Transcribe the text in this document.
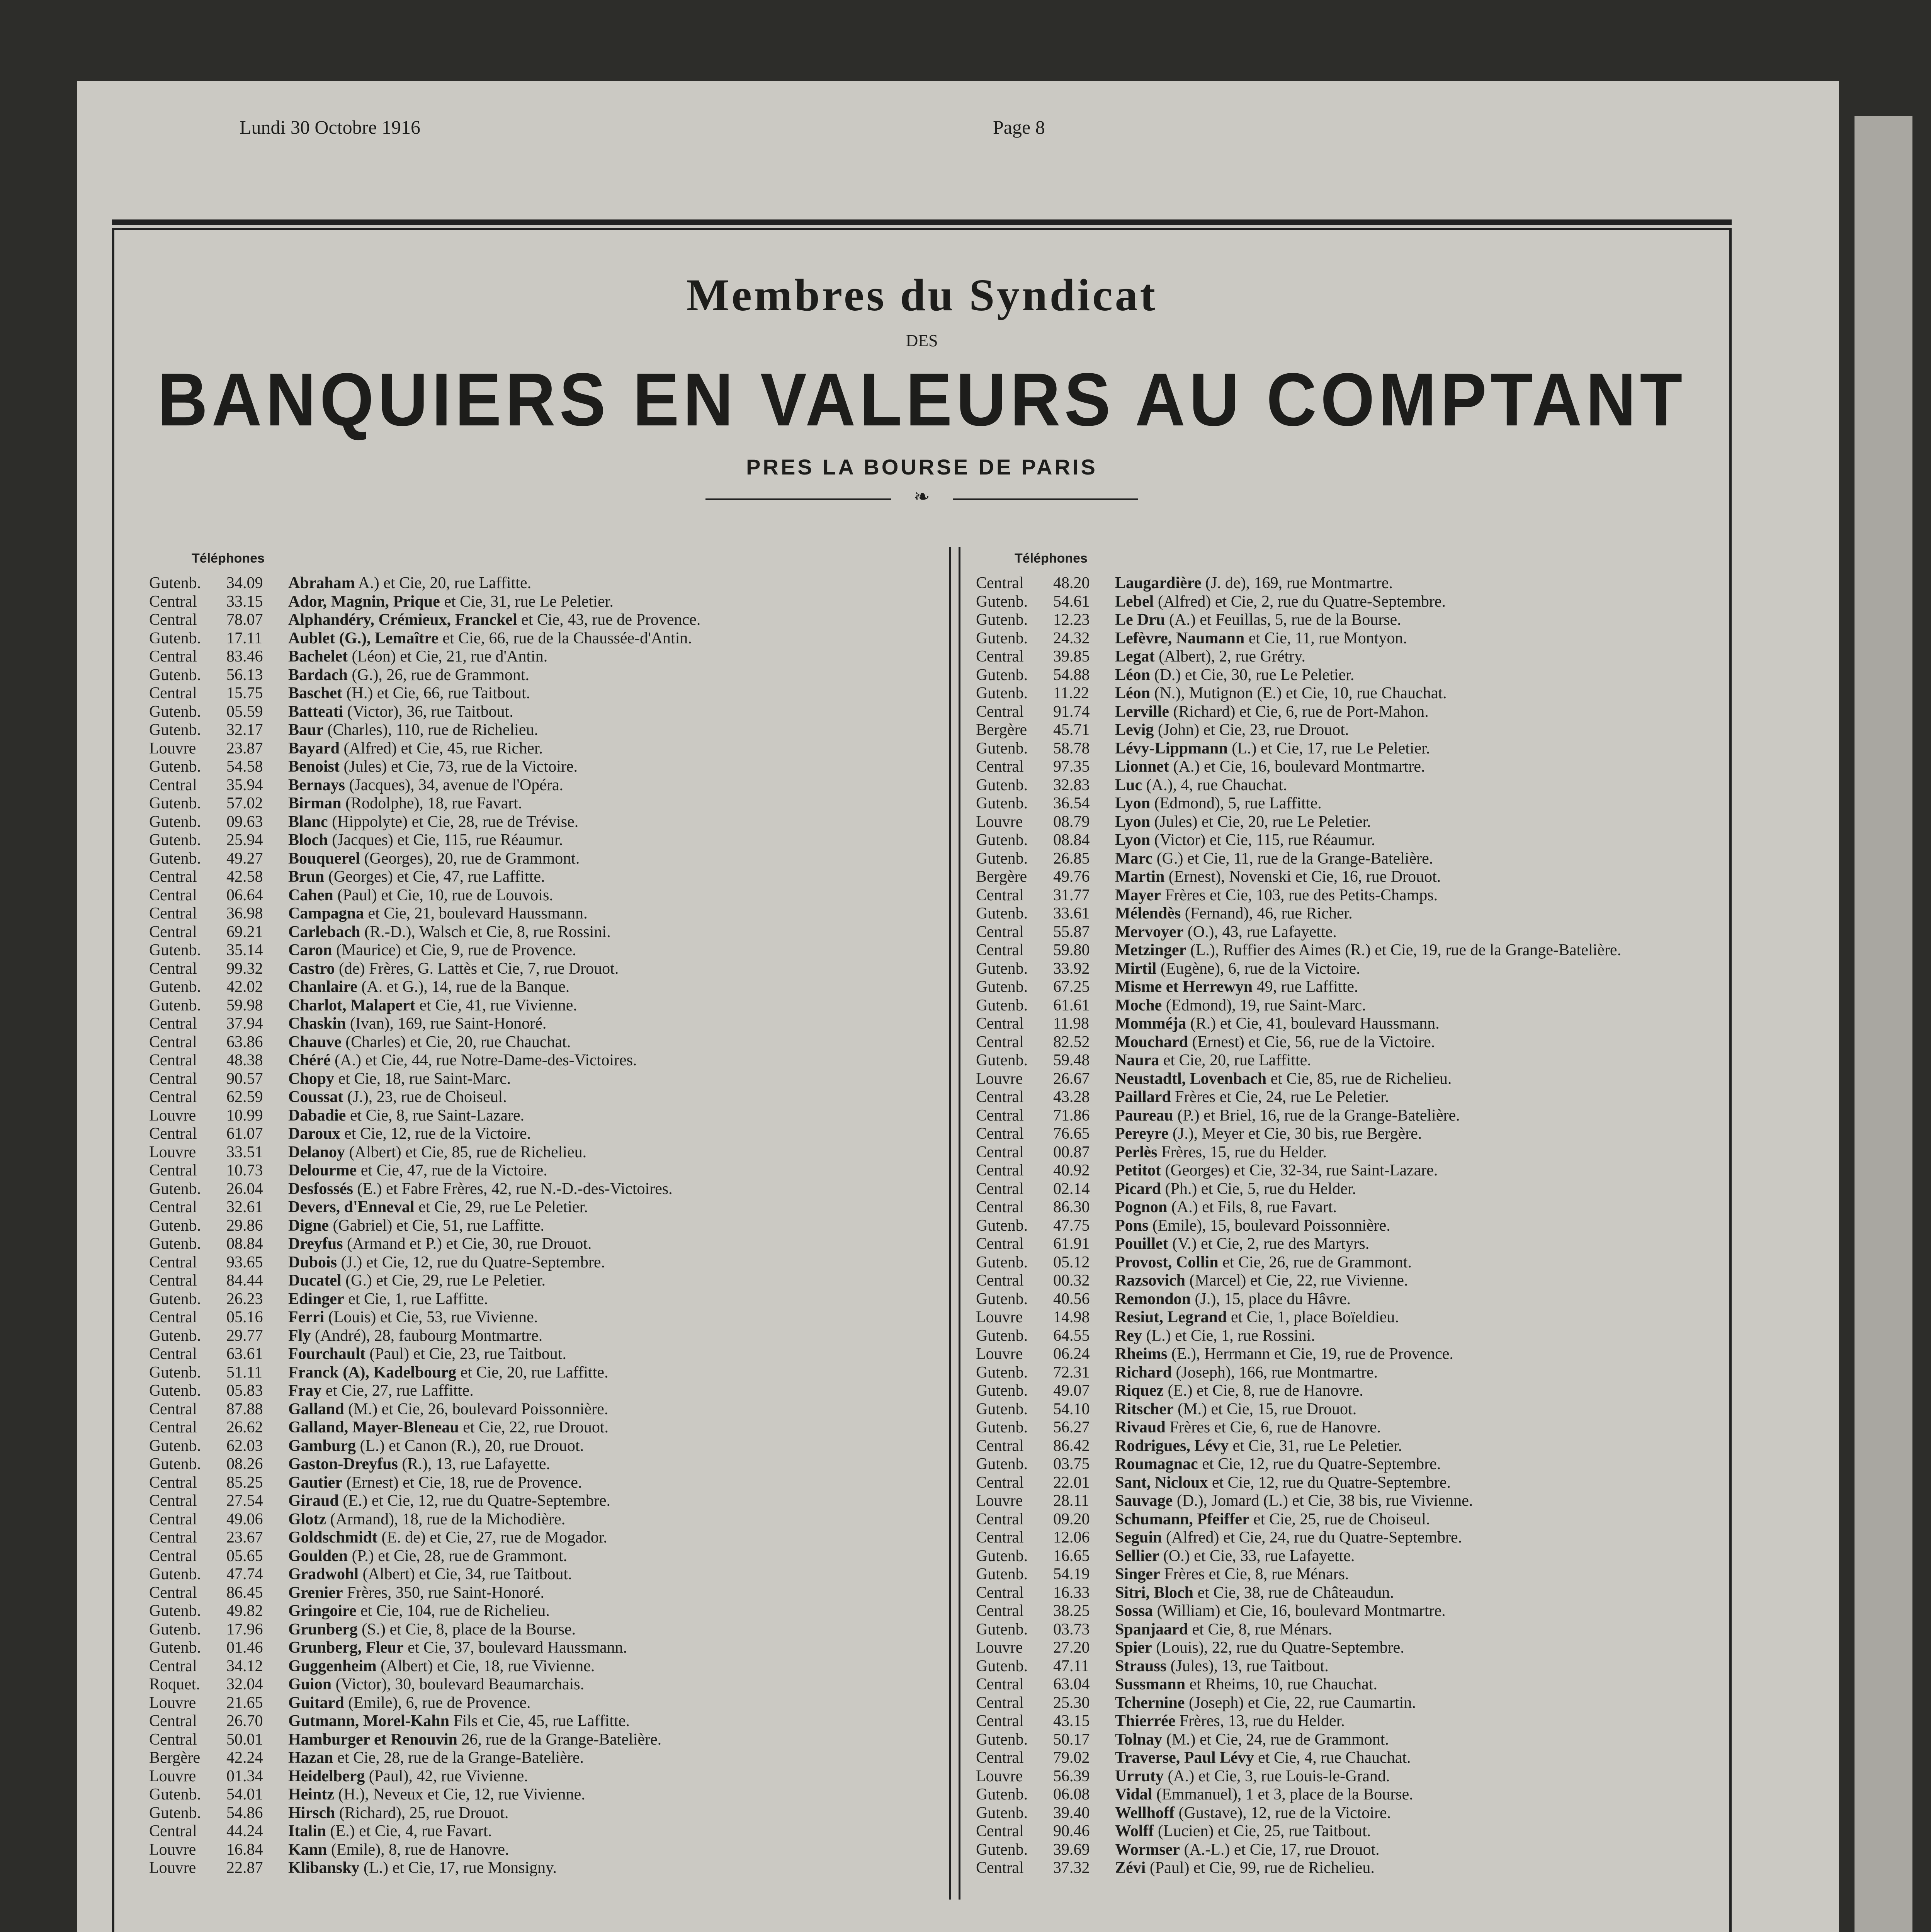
Lundi 30 Octobre 1916	Page 8
Membres du Syndicat
DES
BANQUIERS EN VALEURS AU COMPTANT
PRES LA BOURSE DE PARIS
❧
Téléphones	Téléphones
Gutenb. 34.09 Abraham A.) et Cie, 20, rue Laffitte.
Central 33.15 Ador, Magnin, Prique et Cie, 31, rue Le Peletier.
Central 78.07 Alphandéry, Crémieux, Franckel et Cie, 43, rue de Provence.
Gutenb. 17.11 Aublet (G.), Lemaître et Cie, 66, rue de la Chaussée-d'Antin.
Central 83.46 Bachelet (Léon) et Cie, 21, rue d'Antin.
Gutenb. 56.13 Bardach (G.), 26, rue de Grammont.
Central 15.75 Baschet (H.) et Cie, 66, rue Taitbout.
Gutenb. 05.59 Batteati (Victor), 36, rue Taitbout.
Gutenb. 32.17 Baur (Charles), 110, rue de Richelieu.
Louvre 23.87 Bayard (Alfred) et Cie, 45, rue Richer.
Gutenb. 54.58 Benoist (Jules) et Cie, 73, rue de la Victoire.
Central 35.94 Bernays (Jacques), 34, avenue de l'Opéra.
Gutenb. 57.02 Birman (Rodolphe), 18, rue Favart.
Gutenb. 09.63 Blanc (Hippolyte) et Cie, 28, rue de Trévise.
Gutenb. 25.94 Bloch (Jacques) et Cie, 115, rue Réaumur.
Gutenb. 49.27 Bouquerel (Georges), 20, rue de Grammont.
Central 42.58 Brun (Georges) et Cie, 47, rue Laffitte.
Central 06.64 Cahen (Paul) et Cie, 10, rue de Louvois.
Central 36.98 Campagna et Cie, 21, boulevard Haussmann.
Central 69.21 Carlebach (R.-D.), Walsch et Cie, 8, rue Rossini.
Gutenb. 35.14 Caron (Maurice) et Cie, 9, rue de Provence.
Central 99.32 Castro (de) Frères, G. Lattès et Cie, 7, rue Drouot.
Gutenb. 42.02 Chanlaire (A. et G.), 14, rue de la Banque.
Gutenb. 59.98 Charlot, Malapert et Cie, 41, rue Vivienne.
Central 37.94 Chaskin (Ivan), 169, rue Saint-Honoré.
Central 63.86 Chauve (Charles) et Cie, 20, rue Chauchat.
Central 48.38 Chéré (A.) et Cie, 44, rue Notre-Dame-des-Victoires.
Central 90.57 Chopy et Cie, 18, rue Saint-Marc.
Central 62.59 Coussat (J.), 23, rue de Choiseul.
Louvre 10.99 Dabadie et Cie, 8, rue Saint-Lazare.
Central 61.07 Daroux et Cie, 12, rue de la Victoire.
Louvre 33.51 Delanoy (Albert) et Cie, 85, rue de Richelieu.
Central 10.73 Delourme et Cie, 47, rue de la Victoire.
Gutenb. 26.04 Desfossés (E.) et Fabre Frères, 42, rue N.-D.-des-Victoires.
Central 32.61 Devers, d'Enneval et Cie, 29, rue Le Peletier.
Gutenb. 29.86 Digne (Gabriel) et Cie, 51, rue Laffitte.
Gutenb. 08.84 Dreyfus (Armand et P.) et Cie, 30, rue Drouot.
Central 93.65 Dubois (J.) et Cie, 12, rue du Quatre-Septembre.
Central 84.44 Ducatel (G.) et Cie, 29, rue Le Peletier.
Gutenb. 26.23 Edinger et Cie, 1, rue Laffitte.
Central 05.16 Ferri (Louis) et Cie, 53, rue Vivienne.
Gutenb. 29.77 Fly (André), 28, faubourg Montmartre.
Central 63.61 Fourchault (Paul) et Cie, 23, rue Taitbout.
Gutenb. 51.11 Franck (A), Kadelbourg et Cie, 20, rue Laffitte.
Gutenb. 05.83 Fray et Cie, 27, rue Laffitte.
Central 87.88 Galland (M.) et Cie, 26, boulevard Poissonnière.
Central 26.62 Galland, Mayer-Bleneau et Cie, 22, rue Drouot.
Gutenb. 62.03 Gamburg (L.) et Canon (R.), 20, rue Drouot.
Gutenb. 08.26 Gaston-Dreyfus (R.), 13, rue Lafayette.
Central 85.25 Gautier (Ernest) et Cie, 18, rue de Provence.
Central 27.54 Giraud (E.) et Cie, 12, rue du Quatre-Septembre.
Central 49.06 Glotz (Armand), 18, rue de la Michodière.
Central 23.67 Goldschmidt (E. de) et Cie, 27, rue de Mogador.
Central 05.65 Goulden (P.) et Cie, 28, rue de Grammont.
Gutenb. 47.74 Gradwohl (Albert) et Cie, 34, rue Taitbout.
Central 86.45 Grenier Frères, 350, rue Saint-Honoré.
Gutenb. 49.82 Gringoire et Cie, 104, rue de Richelieu.
Gutenb. 17.96 Grunberg (S.) et Cie, 8, place de la Bourse.
Gutenb. 01.46 Grunberg, Fleur et Cie, 37, boulevard Haussmann.
Central 34.12 Guggenheim (Albert) et Cie, 18, rue Vivienne.
Roquet. 32.04 Guion (Victor), 30, boulevard Beaumarchais.
Louvre 21.65 Guitard (Emile), 6, rue de Provence.
Central 26.70 Gutmann, Morel-Kahn Fils et Cie, 45, rue Laffitte.
Central 50.01 Hamburger et Renouvin 26, rue de la Grange-Batelière.
Bergère 42.24 Hazan et Cie, 28, rue de la Grange-Batelière.
Louvre 01.34 Heidelberg (Paul), 42, rue Vivienne.
Gutenb. 54.01 Heintz (H.), Neveux et Cie, 12, rue Vivienne.
Gutenb. 54.86 Hirsch (Richard), 25, rue Drouot.
Central 44.24 Italin (E.) et Cie, 4, rue Favart.
Louvre 16.84 Kann (Emile), 8, rue de Hanovre.
Louvre 22.87 Klibansky (L.) et Cie, 17, rue Monsigny.
Central 48.20 Laugardière (J. de), 169, rue Montmartre.
Gutenb. 54.61 Lebel (Alfred) et Cie, 2, rue du Quatre-Septembre.
Gutenb. 12.23 Le Dru (A.) et Feuillas, 5, rue de la Bourse.
Gutenb. 24.32 Lefèvre, Naumann et Cie, 11, rue Montyon.
Central 39.85 Legat (Albert), 2, rue Grétry.
Gutenb. 54.88 Léon (D.) et Cie, 30, rue Le Peletier.
Gutenb. 11.22 Léon (N.), Mutignon (E.) et Cie, 10, rue Chauchat.
Central 91.74 Lerville (Richard) et Cie, 6, rue de Port-Mahon.
Bergère 45.71 Levig (John) et Cie, 23, rue Drouot.
Gutenb. 58.78 Lévy-Lippmann (L.) et Cie, 17, rue Le Peletier.
Central 97.35 Lionnet (A.) et Cie, 16, boulevard Montmartre.
Gutenb. 32.83 Luc (A.), 4, rue Chauchat.
Gutenb. 36.54 Lyon (Edmond), 5, rue Laffitte.
Louvre 08.79 Lyon (Jules) et Cie, 20, rue Le Peletier.
Gutenb. 08.84 Lyon (Victor) et Cie, 115, rue Réaumur.
Gutenb. 26.85 Marc (G.) et Cie, 11, rue de la Grange-Batelière.
Bergère 49.76 Martin (Ernest), Novenski et Cie, 16, rue Drouot.
Central 31.77 Mayer Frères et Cie, 103, rue des Petits-Champs.
Gutenb. 33.61 Mélendès (Fernand), 46, rue Richer.
Central 55.87 Mervoyer (O.), 43, rue Lafayette.
Central 59.80 Metzinger (L.), Ruffier des Aimes (R.) et Cie, 19, rue de la Grange-Batelière.
Gutenb. 33.92 Mirtil (Eugène), 6, rue de la Victoire.
Gutenb. 67.25 Misme et Herrewyn 49, rue Laffitte.
Gutenb. 61.61 Moche (Edmond), 19, rue Saint-Marc.
Central 11.98 Momméja (R.) et Cie, 41, boulevard Haussmann.
Central 82.52 Mouchard (Ernest) et Cie, 56, rue de la Victoire.
Gutenb. 59.48 Naura et Cie, 20, rue Laffitte.
Louvre 26.67 Neustadtl, Lovenbach et Cie, 85, rue de Richelieu.
Central 43.28 Paillard Frères et Cie, 24, rue Le Peletier.
Central 71.86 Paureau (P.) et Briel, 16, rue de la Grange-Batelière.
Central 76.65 Pereyre (J.), Meyer et Cie, 30 bis, rue Bergère.
Central 00.87 Perlès Frères, 15, rue du Helder.
Central 40.92 Petitot (Georges) et Cie, 32-34, rue Saint-Lazare.
Central 02.14 Picard (Ph.) et Cie, 5, rue du Helder.
Central 86.30 Pognon (A.) et Fils, 8, rue Favart.
Gutenb. 47.75 Pons (Emile), 15, boulevard Poissonnière.
Central 61.91 Pouillet (V.) et Cie, 2, rue des Martyrs.
Gutenb. 05.12 Provost, Collin et Cie, 26, rue de Grammont.
Central 00.32 Razsovich (Marcel) et Cie, 22, rue Vivienne.
Gutenb. 40.56 Remondon (J.), 15, place du Hâvre.
Louvre 14.98 Resiut, Legrand et Cie, 1, place Boïeldieu.
Gutenb. 64.55 Rey (L.) et Cie, 1, rue Rossini.
Louvre 06.24 Rheims (E.), Herrmann et Cie, 19, rue de Provence.
Gutenb. 72.31 Richard (Joseph), 166, rue Montmartre.
Gutenb. 49.07 Riquez (E.) et Cie, 8, rue de Hanovre.
Gutenb. 54.10 Ritscher (M.) et Cie, 15, rue Drouot.
Gutenb. 56.27 Rivaud Frères et Cie, 6, rue de Hanovre.
Central 86.42 Rodrigues, Lévy et Cie, 31, rue Le Peletier.
Gutenb. 03.75 Roumagnac et Cie, 12, rue du Quatre-Septembre.
Central 22.01 Sant, Nicloux et Cie, 12, rue du Quatre-Septembre.
Louvre 28.11 Sauvage (D.), Jomard (L.) et Cie, 38 bis, rue Vivienne.
Central 09.20 Schumann, Pfeiffer et Cie, 25, rue de Choiseul.
Central 12.06 Seguin (Alfred) et Cie, 24, rue du Quatre-Septembre.
Gutenb. 16.65 Sellier (O.) et Cie, 33, rue Lafayette.
Gutenb. 54.19 Singer Frères et Cie, 8, rue Ménars.
Central 16.33 Sitri, Bloch et Cie, 38, rue de Châteaudun.
Central 38.25 Sossa (William) et Cie, 16, boulevard Montmartre.
Gutenb. 03.73 Spanjaard et Cie, 8, rue Ménars.
Louvre 27.20 Spier (Louis), 22, rue du Quatre-Septembre.
Gutenb. 47.11 Strauss (Jules), 13, rue Taitbout.
Central 63.04 Sussmann et Rheims, 10, rue Chauchat.
Central 25.30 Tchernine (Joseph) et Cie, 22, rue Caumartin.
Central 43.15 Thierrée Frères, 13, rue du Helder.
Gutenb. 50.17 Tolnay (M.) et Cie, 24, rue de Grammont.
Central 79.02 Traverse, Paul Lévy et Cie, 4, rue Chauchat.
Louvre 56.39 Urruty (A.) et Cie, 3, rue Louis-le-Grand.
Gutenb. 06.08 Vidal (Emmanuel), 1 et 3, place de la Bourse.
Gutenb. 39.40 Wellhoff (Gustave), 12, rue de la Victoire.
Central 90.46 Wolff (Lucien) et Cie, 25, rue Taitbout.
Gutenb. 39.69 Wormser (A.-L.) et Cie, 17, rue Drouot.
Central 37.32 Zévi (Paul) et Cie, 99, rue de Richelieu.
